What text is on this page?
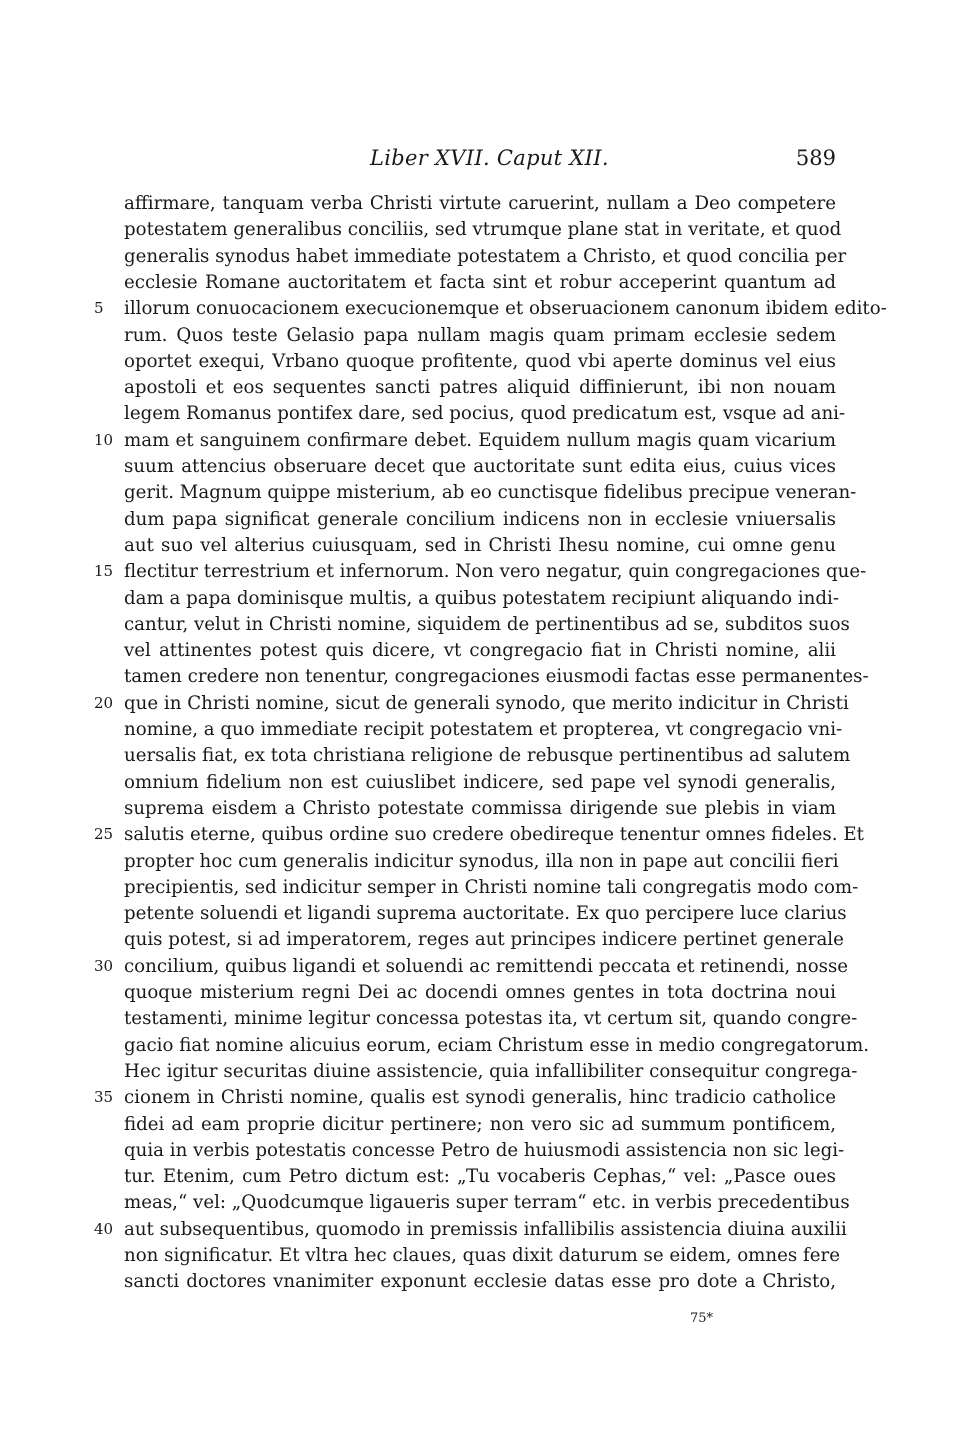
Liber XVII. Caput XII.	589
affirmare, tanquam verba Christi virtute caruerint, nullam a Deo competere
potestatem generalibus conciliis, sed vtrumque plane stat in veritate, et quod
generalis synodus habet immediate potestatem a Christo, et quod concilia per
ecclesie Romane auctoritatem et facta sint et robur acceperint quantum ad
illorum conuocacionem execucionemque et obseruacionem canonum ibidem edito-
5
rum. Quos teste Gelasio papa nullam magis quam primam ecclesie sedem
oportet exequi, Vrbano quoque profitente, quod vbi aperte dominus vel eius
apostoli et eos sequentes sancti patres aliquid diffinierunt, ibi non nouam
legem Romanus pontifex dare, sed pocius, quod predicatum est, vsque ad ani-
mam et sanguinem confirmare debet. Equidem nullum magis quam vicarium
10
suum attencius obseruare decet que auctoritate sunt edita eius, cuius vices
gerit. Magnum quippe misterium, ab eo cunctisque fidelibus precipue veneran-
dum papa significat generale concilium indicens non in ecclesie vniuersalis
aut suo vel alterius cuiusquam, sed in Christi Ihesu nomine, cui omne genu
flectitur terrestrium et infernorum. Non vero negatur, quin congregaciones que-
15
dam a papa dominisque multis, a quibus potestatem recipiunt aliquando indi-
cantur, velut in Christi nomine, siquidem de pertinentibus ad se, subditos suos
vel attinentes potest quis dicere, vt congregacio fiat in Christi nomine, alii
tamen credere non tenentur, congregaciones eiusmodi factas esse permanentes-
que in Christi nomine, sicut de generali synodo, que merito indicitur in Christi
20
nomine, a quo immediate recipit potestatem et propterea, vt congregacio vni-
uersalis fiat, ex tota christiana religione de rebusque pertinentibus ad salutem
omnium fidelium non est cuiuslibet indicere, sed pape vel synodi generalis,
suprema eisdem a Christo potestate commissa dirigende sue plebis in viam
salutis eterne, quibus ordine suo credere obedireque tenentur omnes fideles. Et
25
propter hoc cum generalis indicitur synodus, illa non in pape aut concilii fieri
precipientis, sed indicitur semper in Christi nomine tali congregatis modo com-
petente soluendi et ligandi suprema auctoritate. Ex quo percipere luce clarius
quis potest, si ad imperatorem, reges aut principes indicere pertinet generale
concilium, quibus ligandi et soluendi ac remittendi peccata et retinendi, nosse
30
quoque misterium regni Dei ac docendi omnes gentes in tota doctrina noui
testamenti, minime legitur concessa potestas ita, vt certum sit, quando congre-
gacio fiat nomine alicuius eorum, eciam Christum esse in medio congregatorum.
Hec igitur securitas diuine assistencie, quia infallibiliter consequitur congrega-
cionem in Christi nomine, qualis est synodi generalis, hinc tradicio catholice
35
fidei ad eam proprie dicitur pertinere; non vero sic ad summum pontificem,
quia in verbis potestatis concesse Petro de huiusmodi assistencia non sic legi-
tur. Etenim, cum Petro dictum est: „Tu vocaberis Cephas,“ vel: „Pasce oues
meas,“ vel: „Quodcumque ligaueris super terram“ etc. in verbis precedentibus
aut subsequentibus, quomodo in premissis infallibilis assistencia diuina auxilii
40
non significatur. Et vltra hec claues, quas dixit daturum se eidem, omnes fere
sancti doctores vnanimiter exponunt ecclesie datas esse pro dote a Christo,
75*
